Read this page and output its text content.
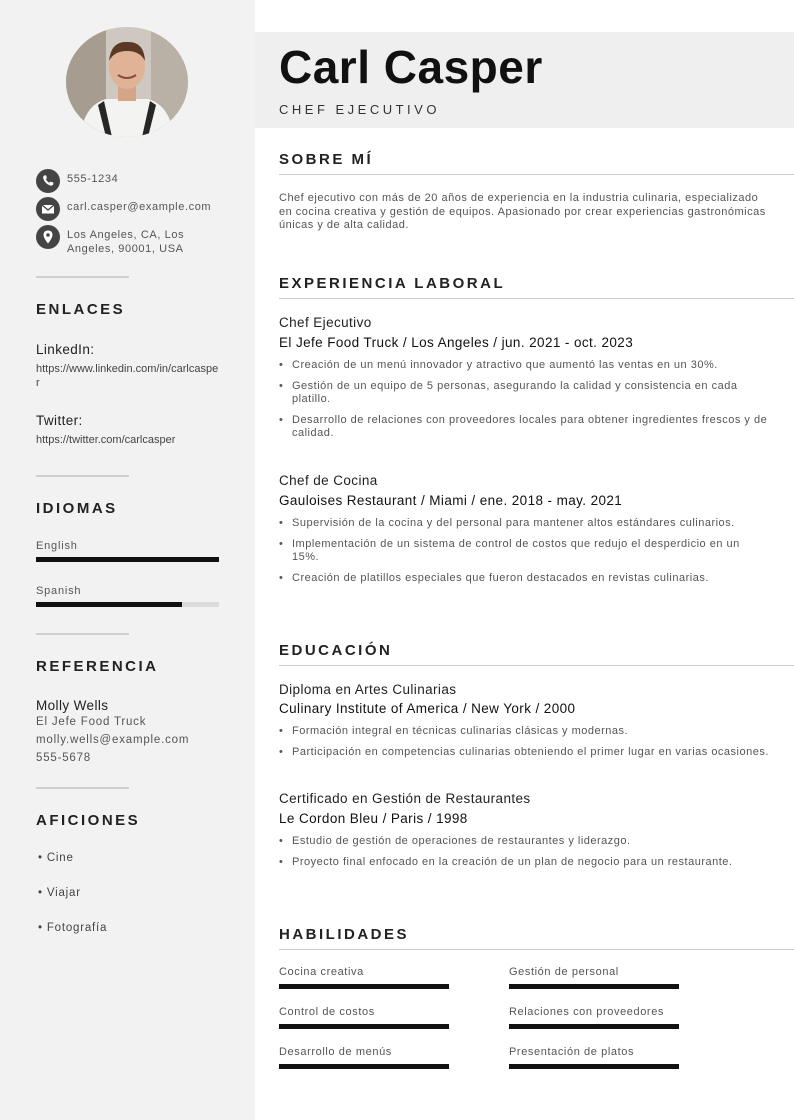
555-1234
carl.casper@example.com
Los Angeles, CA, Los Angeles, 90001, USA
ENLACES
LinkedIn:
https://www.linkedin.com/in/carlcasper
Twitter:
https://twitter.com/carlcasper
IDIOMAS
English
Spanish
REFERENCIA
Molly Wells
El Jefe Food Truck
molly.wells@example.com
555-5678
AFICIONES
• Cine
• Viajar
• Fotografía
Carl Casper
CHEF EJECUTIVO
SOBRE MÍ
Chef ejecutivo con más de 20 años de experiencia en la industria culinaria, especializado en cocina creativa y gestión de equipos. Apasionado por crear experiencias gastronómicas únicas y de alta calidad.
EXPERIENCIA LABORAL
Chef Ejecutivo
El Jefe Food Truck / Los Angeles / jun. 2021 - oct. 2023
• Creación de un menú innovador y atractivo que aumentó las ventas en un 30%.
• Gestión de un equipo de 5 personas, asegurando la calidad y consistencia en cada platillo.
• Desarrollo de relaciones con proveedores locales para obtener ingredientes frescos y de calidad.
Chef de Cocina
Gauloises Restaurant / Miami / ene. 2018 - may. 2021
• Supervisión de la cocina y del personal para mantener altos estándares culinarios.
• Implementación de un sistema de control de costos que redujo el desperdicio en un 15%.
• Creación de platillos especiales que fueron destacados en revistas culinarias.
EDUCACIÓN
Diploma en Artes Culinarias
Culinary Institute of America / New York / 2000
• Formación integral en técnicas culinarias clásicas y modernas.
• Participación en competencias culinarias obteniendo el primer lugar en varias ocasiones.
Certificado en Gestión de Restaurantes
Le Cordon Bleu / Paris / 1998
• Estudio de gestión de operaciones de restaurantes y liderazgo.
• Proyecto final enfocado en la creación de un plan de negocio para un restaurante.
HABILIDADES
Cocina creativa	Gestión de personal
Control de costos	Relaciones con proveedores
Desarrollo de menús	Presentación de platos
